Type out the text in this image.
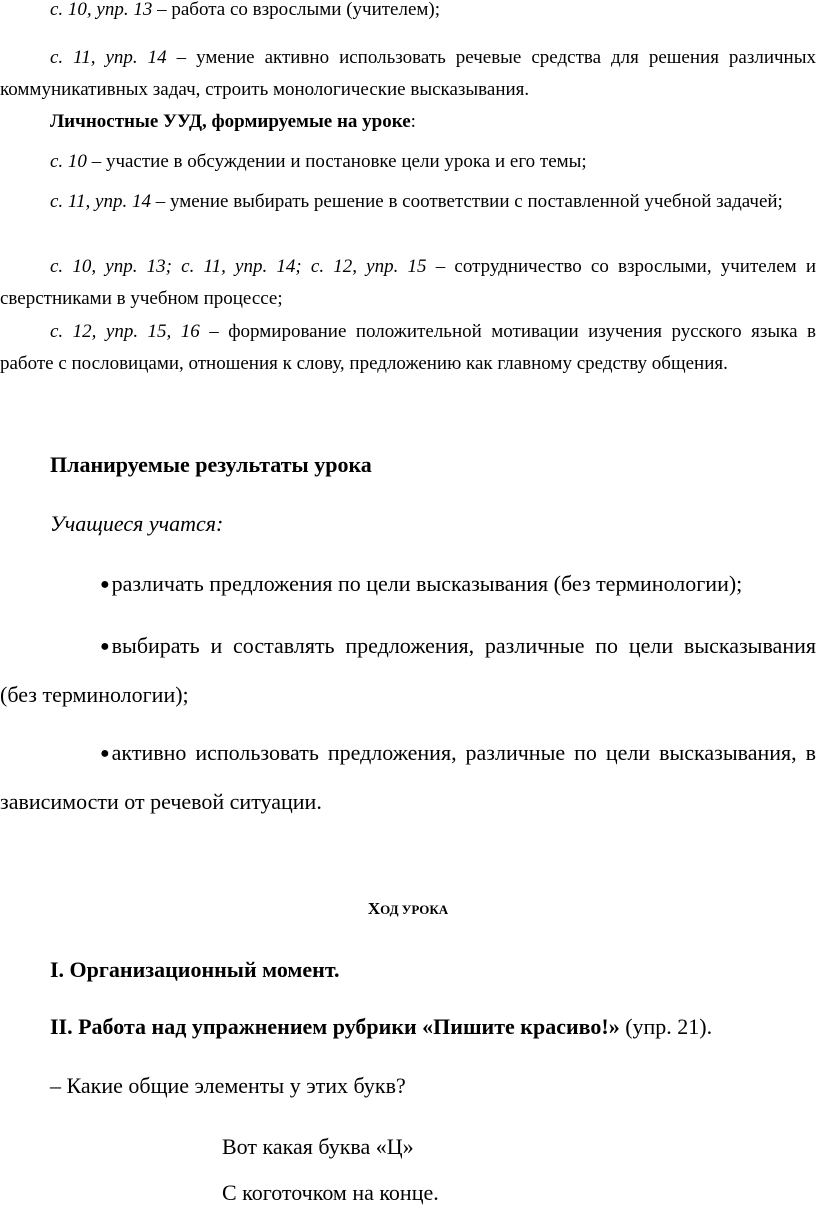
с. 10, упр. 13 – работа со взрослыми (учителем);

с. 11, упр. 14 – умение активно использовать речевые средства для решения различных коммуникативных задач, строить монологические высказывания.

Личностные УУД, формируемые на уроке:

с. 10 – участие в обсуждении и постановке цели урока и его темы;

с. 11, упр. 14 – умение выбирать решение в соответствии с поставленной учебной задачей;

с. 10, упр. 13; с. 11, упр. 14; с. 12, упр. 15 – сотрудничество со взрослыми, учителем и сверстниками в учебном процессе;

с. 12, упр. 15, 16 – формирование положительной мотивации изучения русского языка в работе с пословицами, отношения к слову, предложению как главному средству общения.

Планируемые результаты урока

Учащиеся учатся:

●различать предложения по цели высказывания (без терминологии);

●выбирать и составлять предложения, различные по цели высказывания (без терминологии);

●активно использовать предложения, различные по цели высказывания, в зависимости от речевой ситуации.

ХОД УРОКА

I. Организационный момент.

II. Работа над упражнением рубрики «Пишите красиво!» (упр. 21).

– Какие общие элементы у этих букв?

Вот какая буква «Ц»

С коготочком на конце.
